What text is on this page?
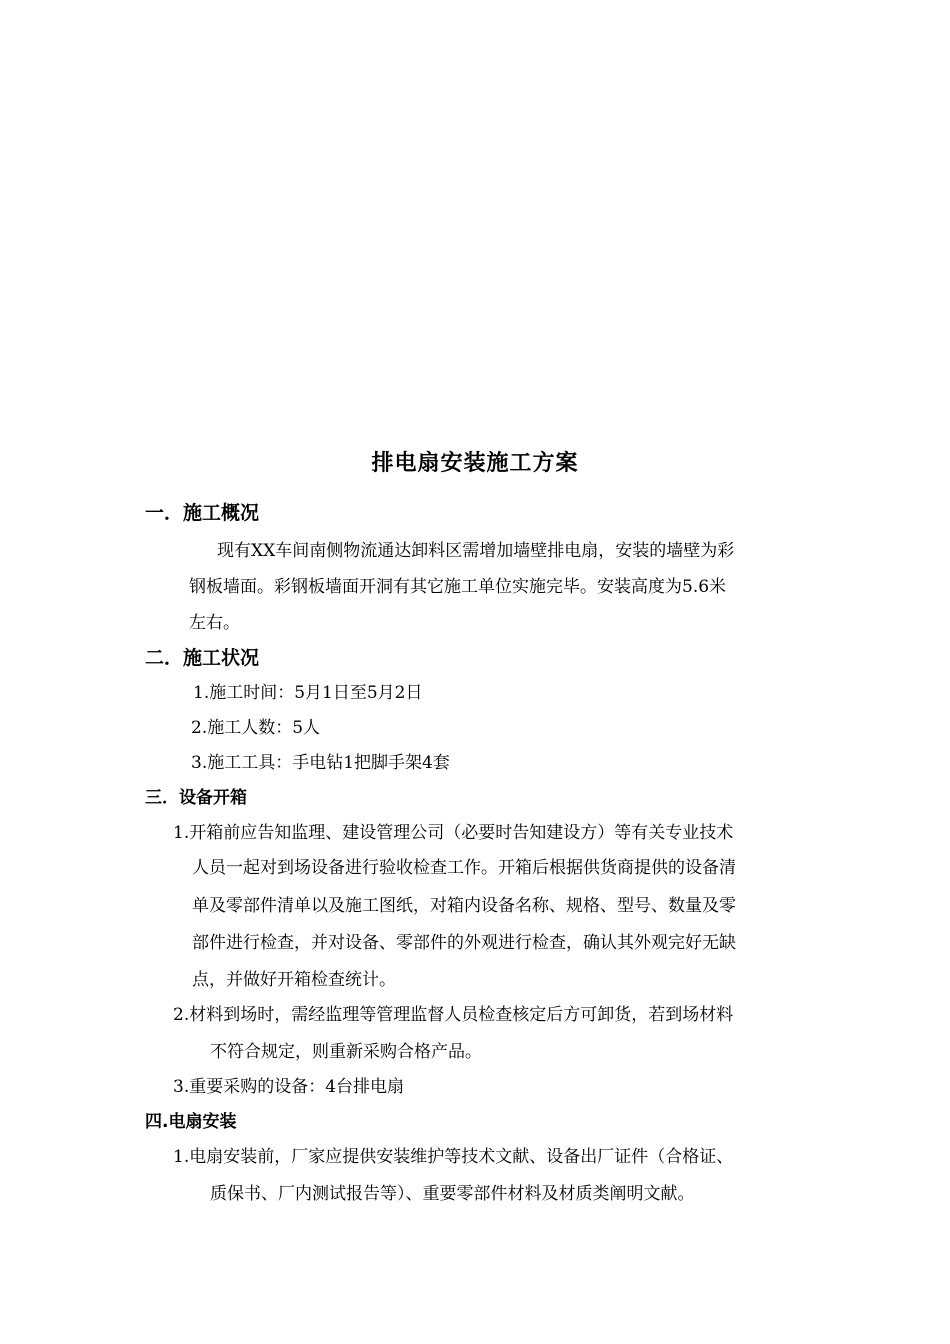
排电扇安装施工方案
一．施工概况
现有XX车间南侧物流通达卸料区需增加墙壁排电扇，安装的墙壁为彩
钢板墙面。彩钢板墙面开洞有其它施工单位实施完毕。安装高度为5.6米
左右。
二．施工状况
1.施工时间：5月1日至5月2日
2.施工人数：5人
3.施工工具：手电钻1把脚手架4套
三．设备开箱
1.开箱前应告知监理、建设管理公司（必要时告知建设方）等有关专业技术
人员一起对到场设备进行验收检查工作。开箱后根据供货商提供的设备清
单及零部件清单以及施工图纸，对箱内设备名称、规格、型号、数量及零
部件进行检查，并对设备、零部件的外观进行检查，确认其外观完好无缺
点，并做好开箱检查统计。
2.材料到场时，需经监理等管理监督人员检查核定后方可卸货，若到场材料
不符合规定，则重新采购合格产品。
3.重要采购的设备：4台排电扇
四.电扇安装
1.电扇安装前，厂家应提供安装维护等技术文献、设备出厂证件（合格证、
质保书、厂内测试报告等）、重要零部件材料及材质类阐明文献。
